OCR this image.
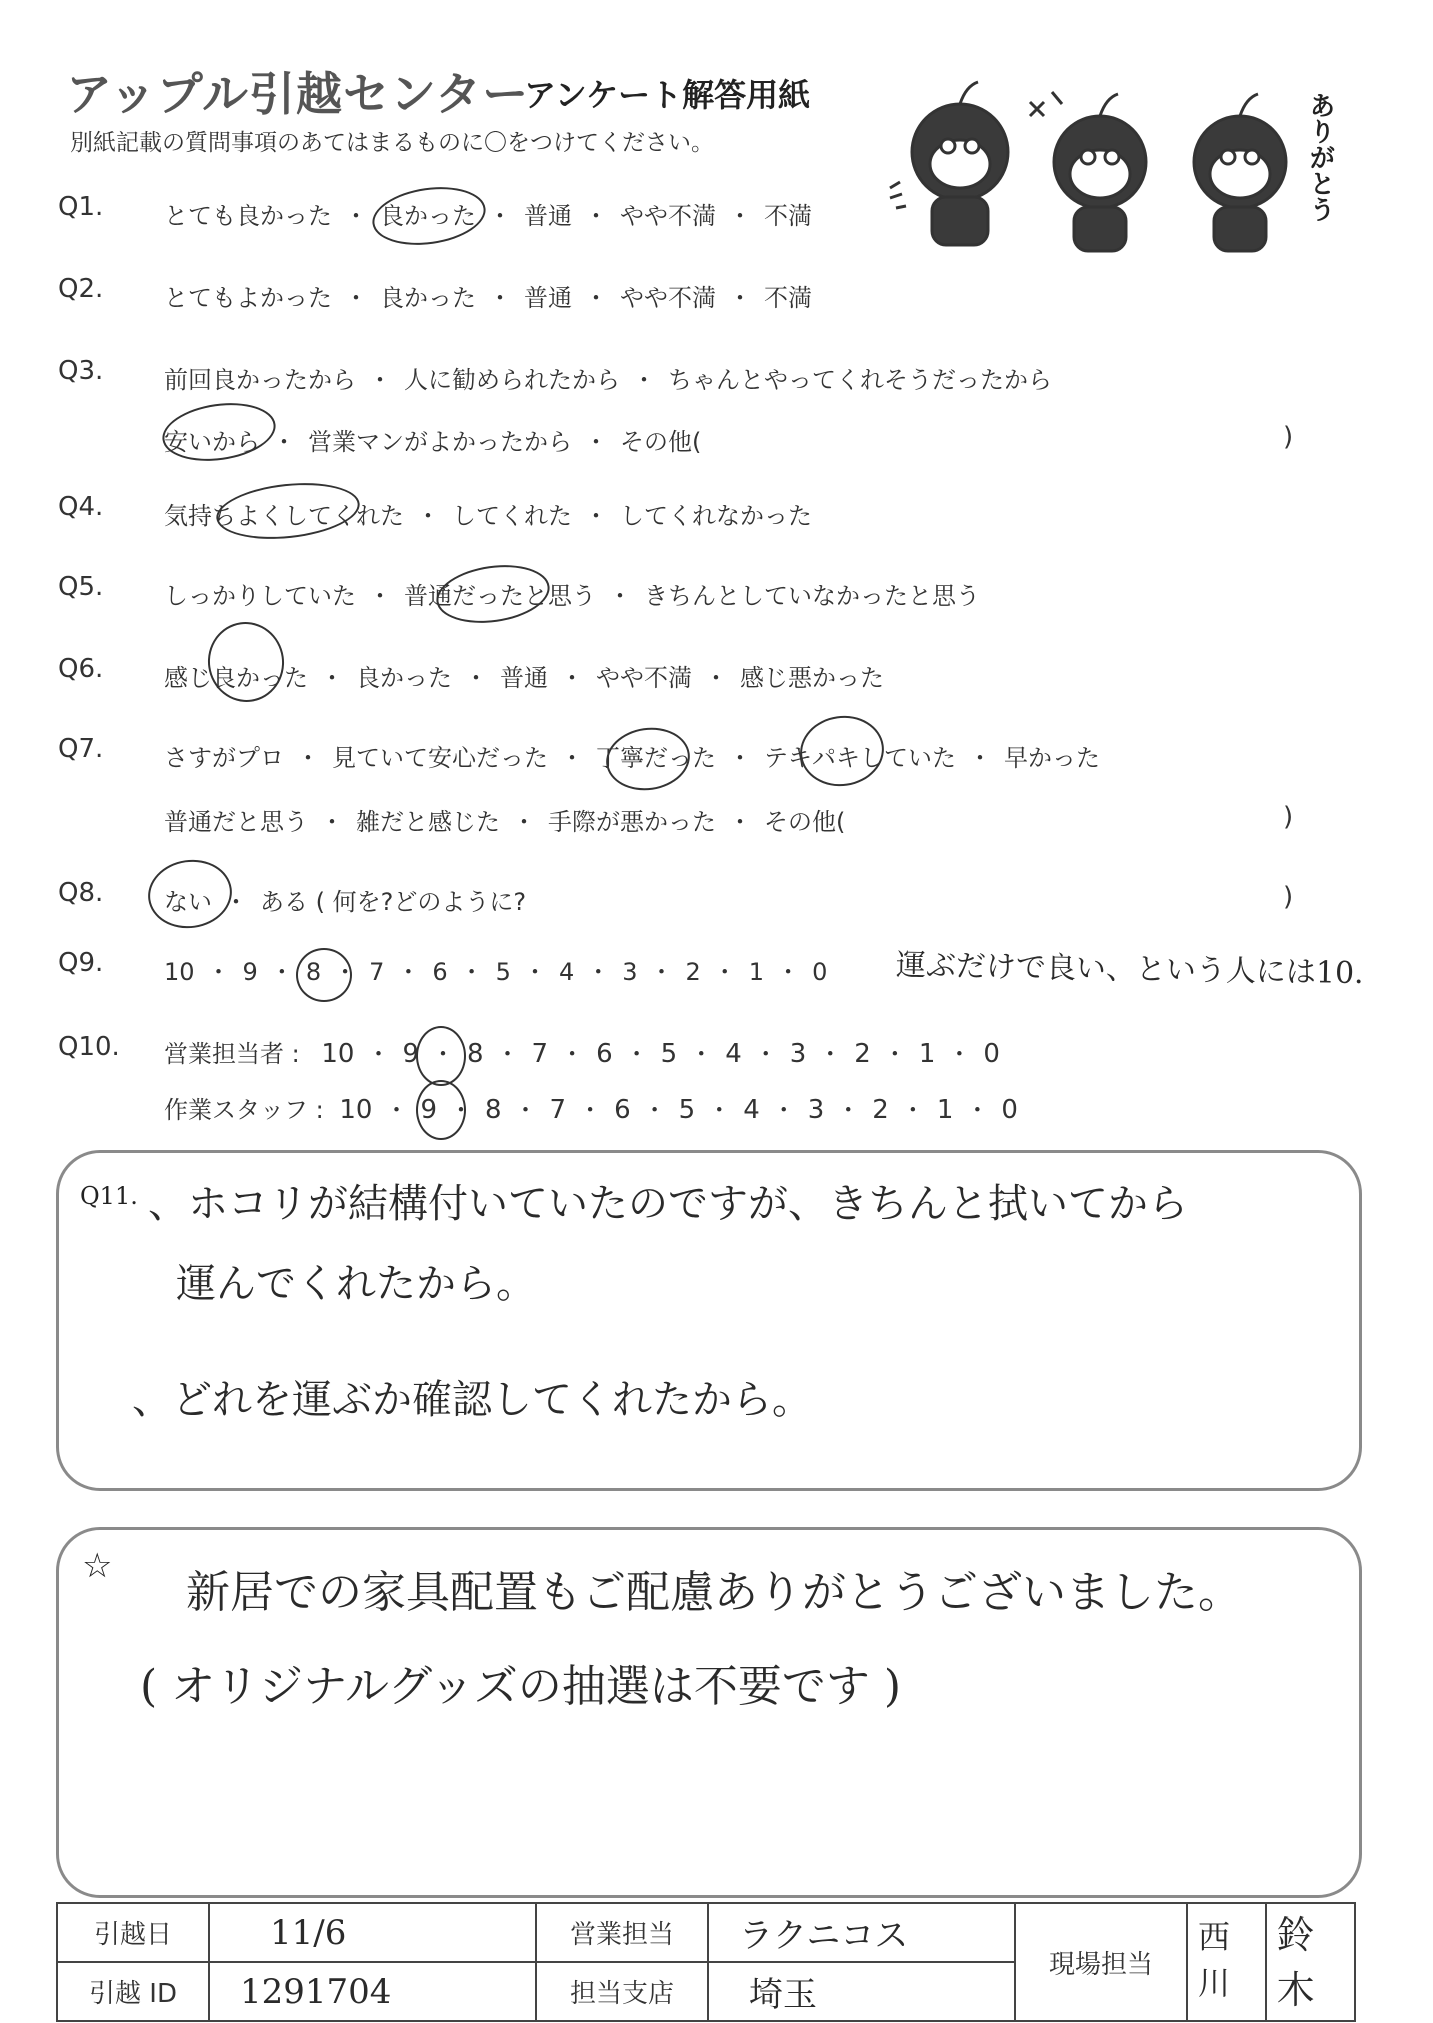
アップル引越センター
アンケート解答用紙
別紙記載の質問事項のあてはまるものに〇をつけてください。	ありがとう
Q1.	とても良かった ・ 良かった ・ 普通 ・ やや不満 ・ 不満
Q2.	とてもよかった ・ 良かった ・ 普通 ・ やや不満 ・ 不満
Q3.	前回良かったから ・ 人に勧められたから ・ ちゃんとやってくれそうだったから
安いから ・ 営業マンがよかったから ・ その他(
Q4.	気持ちよくしてくれた ・ してくれた ・ してくれなかった
Q5.	しっかりしていた ・ 普通だったと思う ・ きちんとしていなかったと思う
Q6.	感じ良かった ・ 良かった ・ 普通 ・ やや不満 ・ 感じ悪かった
Q7.	さすがプロ ・ 見ていて安心だった ・ 丁寧だった ・ テキパキしていた ・ 早かった
普通だと思う ・ 雑だと感じた ・ 手際が悪かった ・ その他(
Q8.	ない ・ ある ( 何を?どのように?
Q9.	10 ・ 9 ・ 8 ・ 7 ・ 6 ・ 5 ・ 4 ・ 3 ・ 2 ・ 1 ・ 0 運ぶだけで良い、という人には10.
Q10. 営業担当者 : 10 ・ 9 ・ 8 ・ 7 ・ 6 ・ 5 ・ 4 ・ 3 ・ 2 ・ 1 ・ 0
作業スタッフ : 10 ・ 9 ・ 8 ・ 7 ・ 6 ・ 5 ・ 4 ・ 3 ・ 2 ・ 1 ・ 0
)
)
)
Q11. 、ホコリが結構付いていたのですが、きちんと拭いてから
運んでくれたから。
、どれを運ぶか確認してくれたから。
☆
新居での家具配置もご配慮ありがとうございました。
( オリジナルグッズの抽選は不要です )
引越日	11/6	営業担当	ラクニコス	現場担当	西川	鈴木
引越 ID	1291704	担当支店	埼玉			
